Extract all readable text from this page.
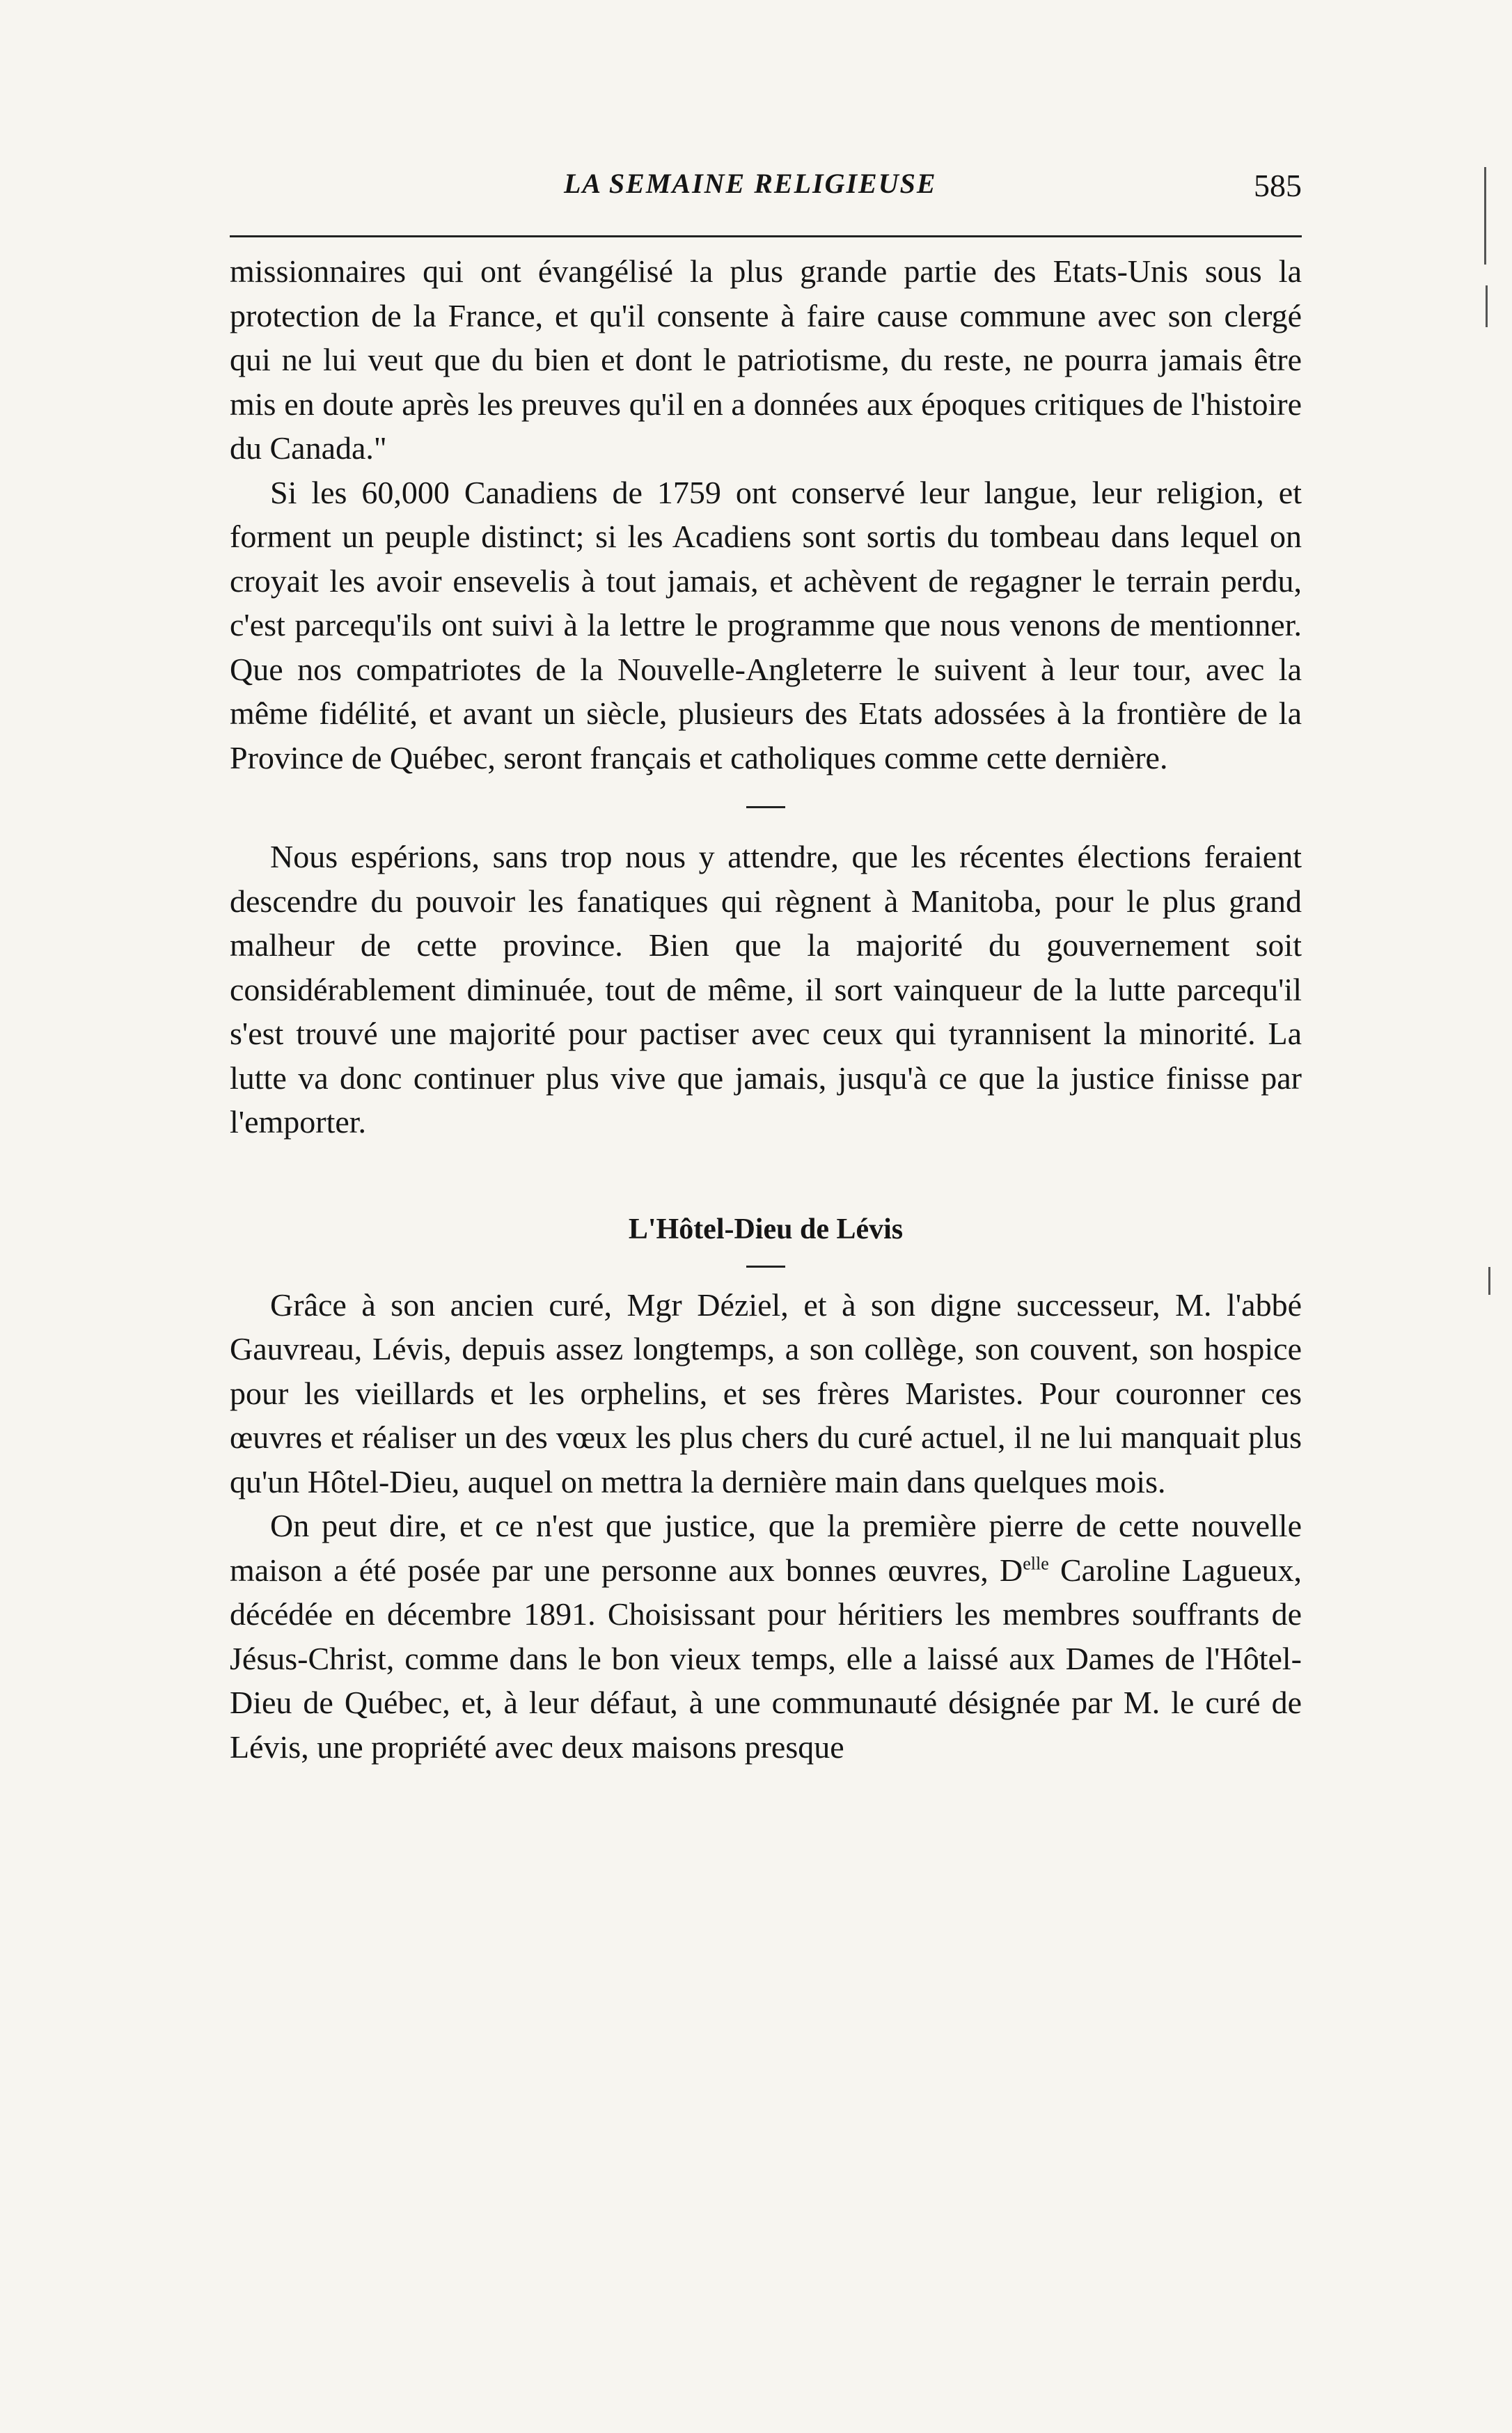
LA SEMAINE RELIGIEUSE	585

missionnaires qui ont évangélisé la plus grande partie des Etats-Unis sous la protection de la France, et qu'il consente à faire cause commune avec son clergé qui ne lui veut que du bien et dont le patriotisme, du reste, ne pourra jamais être mis en doute après les preuves qu'il en a données aux époques critiques de l'histoire du Canada."

Si les 60,000 Canadiens de 1759 ont conservé leur langue, leur religion, et forment un peuple distinct; si les Acadiens sont sortis du tombeau dans lequel on croyait les avoir ensevelis à tout jamais, et achèvent de regagner le terrain perdu, c'est parcequ'ils ont suivi à la lettre le programme que nous venons de mentionner. Que nos compatriotes de la Nouvelle-Angleterre le suivent à leur tour, avec la même fidélité, et avant un siècle, plusieurs des Etats adossées à la frontière de la Province de Québec, seront français et catholiques comme cette dernière.

Nous espérions, sans trop nous y attendre, que les récentes élections feraient descendre du pouvoir les fanatiques qui règnent à Manitoba, pour le plus grand malheur de cette province. Bien que la majorité du gouvernement soit considérablement diminuée, tout de même, il sort vainqueur de la lutte parcequ'il s'est trouvé une majorité pour pactiser avec ceux qui tyrannisent la minorité. La lutte va donc continuer plus vive que jamais, jusqu'à ce que la justice finisse par l'emporter.

L'Hôtel-Dieu de Lévis

Grâce à son ancien curé, Mgr Déziel, et à son digne successeur, M. l'abbé Gauvreau, Lévis, depuis assez longtemps, a son collège, son couvent, son hospice pour les vieillards et les orphelins, et ses frères Maristes. Pour couronner ces œuvres et réaliser un des vœux les plus chers du curé actuel, il ne lui manquait plus qu'un Hôtel-Dieu, auquel on mettra la dernière main dans quelques mois.

On peut dire, et ce n'est que justice, que la première pierre de cette nouvelle maison a été posée par une personne aux bonnes œuvres, $D^{elle}$ Caroline Lagueux, décédée en décembre 1891. Choisissant pour héritiers les membres souffrants de Jésus-Christ, comme dans le bon vieux temps, elle a laissé aux Dames de l'Hôtel-Dieu de Québec, et, à leur défaut, à une communauté désignée par M. le curé de Lévis, une propriété avec deux maisons presque
